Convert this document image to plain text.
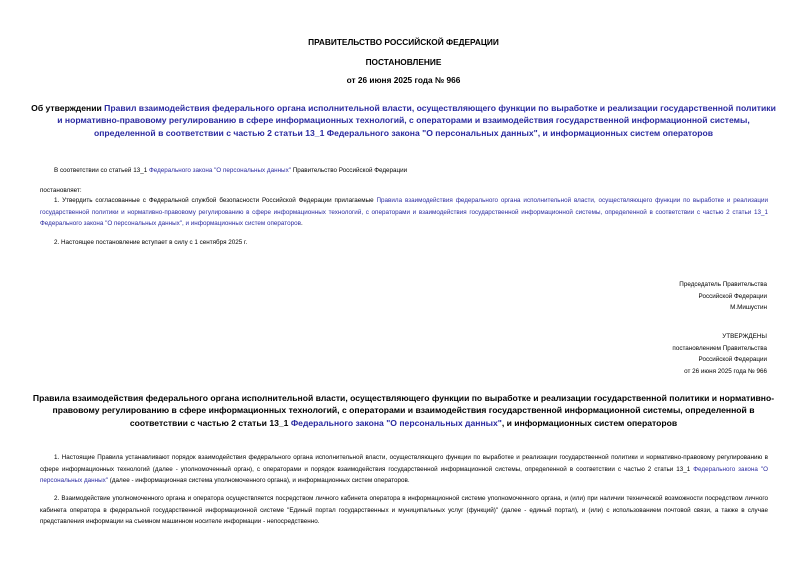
ПРАВИТЕЛЬСТВО РОССИЙСКОЙ ФЕДЕРАЦИИ
ПОСТАНОВЛЕНИЕ
от 26 июня 2025 года № 966
Об утверждении Правил взаимодействия федерального органа исполнительной власти, осуществляющего функции по выработке и реализации государственной политики и нормативно-правовому регулированию в сфере информационных технологий, с операторами и взаимодействия государственной информационной системы, определенной в соответствии с частью 2 статьи 13_1 Федерального закона "О персональных данных", и информационных систем операторов
В соответствии со статьей 13_1 Федерального закона "О персональных данных" Правительство Российской Федерации
постановляет:
1. Утвердить согласованные с Федеральной службой безопасности Российской Федерации прилагаемые Правила взаимодействия федерального органа исполнительной власти, осуществляющего функции по выработке и реализации государственной политики и нормативно-правовому регулированию в сфере информационных технологий, с операторами и взаимодействия государственной информационной системы, определенной в соответствии с частью 2 статьи 13_1 Федерального закона "О персональных данных", и информационных систем операторов.
2. Настоящее постановление вступает в силу с 1 сентября 2025 г.
Председатель Правительства
Российской Федерации
М.Мишустин
УТВЕРЖДЕНЫ
постановлением Правительства
Российской Федерации
от 26 июня 2025 года № 966
Правила взаимодействия федерального органа исполнительной власти, осуществляющего функции по выработке и реализации государственной политики и нормативно-правовому регулированию в сфере информационных технологий, с операторами и взаимодействия государственной информационной системы, определенной в соответствии с частью 2 статьи 13_1 Федерального закона "О персональных данных", и информационных систем операторов
1. Настоящие Правила устанавливают порядок взаимодействия федерального органа исполнительной власти, осуществляющего функции по выработке и реализации государственной политики и нормативно-правовому регулированию в сфере информационных технологий (далее - уполномоченный орган), с операторами и порядок взаимодействия государственной информационной системы, определенной в соответствии с частью 2 статьи 13_1 Федерального закона "О персональных данных" (далее - информационная система уполномоченного органа), и информационных систем операторов.
2. Взаимодействие уполномоченного органа и оператора осуществляется посредством личного кабинета оператора в информационной системе уполномоченного органа, и (или) при наличии технической возможности посредством личного кабинета оператора в федеральной государственной информационной системе "Единый портал государственных и муниципальных услуг (функций)" (далее - единый портал), и (или) с использованием почтовой связи, а также в случае представления информации на съемном машинном носителе информации - непосредственно.
